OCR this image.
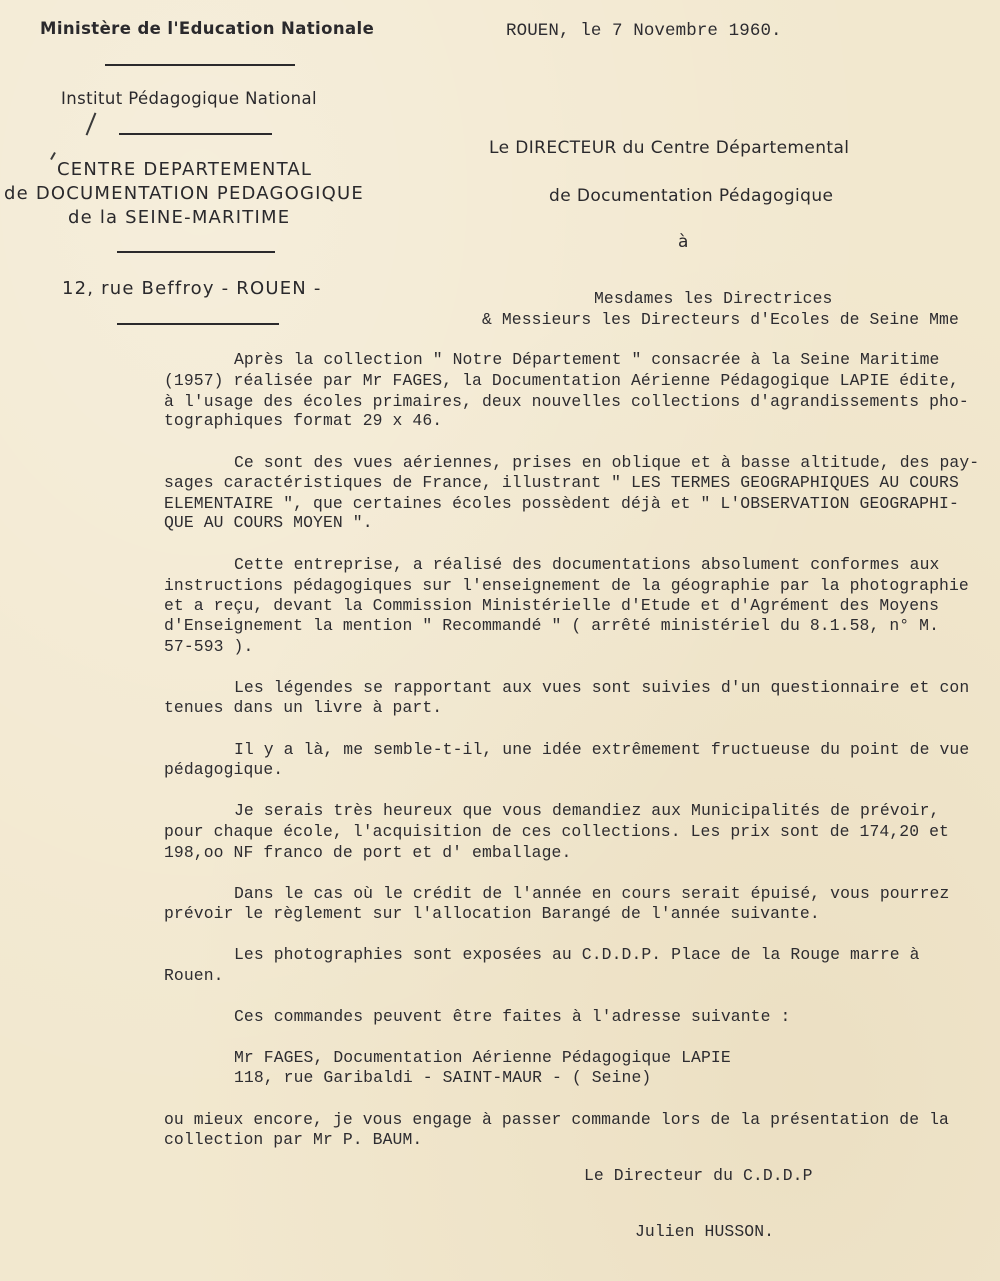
Ministère de l'Education Nationale
Institut Pédagogique National
CENTRE DEPARTEMENTAL
de DOCUMENTATION PEDAGOGIQUE
de la SEINE-MARITIME
12, rue Beffroy - ROUEN -
ROUEN, le 7 Novembre 1960.
Le DIRECTEUR du Centre Départemental
de Documentation Pédagogique
à
Mesdames les Directrices
& Messieurs les Directeurs d'Ecoles de Seine Mme
Après la collection " Notre Département " consacrée à la Seine Maritime
(1957) réalisée par Mr FAGES, la Documentation Aérienne Pédagogique LAPIE édite,
à l'usage des écoles primaires, deux nouvelles collections d'agrandissements pho-
tographiques format 29 x 46.
Ce sont des vues aériennes, prises en oblique et à basse altitude, des pay-
sages caractéristiques de France, illustrant " LES TERMES GEOGRAPHIQUES AU COURS
ELEMENTAIRE ", que certaines écoles possèdent déjà et " L'OBSERVATION GEOGRAPHI-
QUE AU COURS MOYEN ".
Cette entreprise, a réalisé des documentations absolument conformes aux
instructions pédagogiques sur l'enseignement de la géographie par la photographie
et a reçu, devant la Commission Ministérielle d'Etude et d'Agrément des Moyens
d'Enseignement la mention " Recommandé " ( arrêté ministériel du 8.1.58, n° M.
57-593 ).
Les légendes se rapportant aux vues sont suivies d'un questionnaire et con
tenues dans un livre à part.
Il y a là, me semble-t-il, une idée extrêmement fructueuse du point de vue
pédagogique.
Je serais très heureux que vous demandiez aux Municipalités de prévoir,
pour chaque école, l'acquisition de ces collections. Les prix sont de 174,20 et
198,oo NF franco de port et d' emballage.
Dans le cas où le crédit de l'année en cours serait épuisé, vous pourrez
prévoir le règlement sur l'allocation Barangé de l'année suivante.
Les photographies sont exposées au C.D.D.P. Place de la Rouge marre à
Rouen.
Ces commandes peuvent être faites à l'adresse suivante :
Mr FAGES, Documentation Aérienne Pédagogique LAPIE
118, rue Garibaldi - SAINT-MAUR - ( Seine)
ou mieux encore, je vous engage à passer commande lors de la présentation de la
collection par Mr P. BAUM.
Le Directeur du C.D.D.P
Julien HUSSON.
